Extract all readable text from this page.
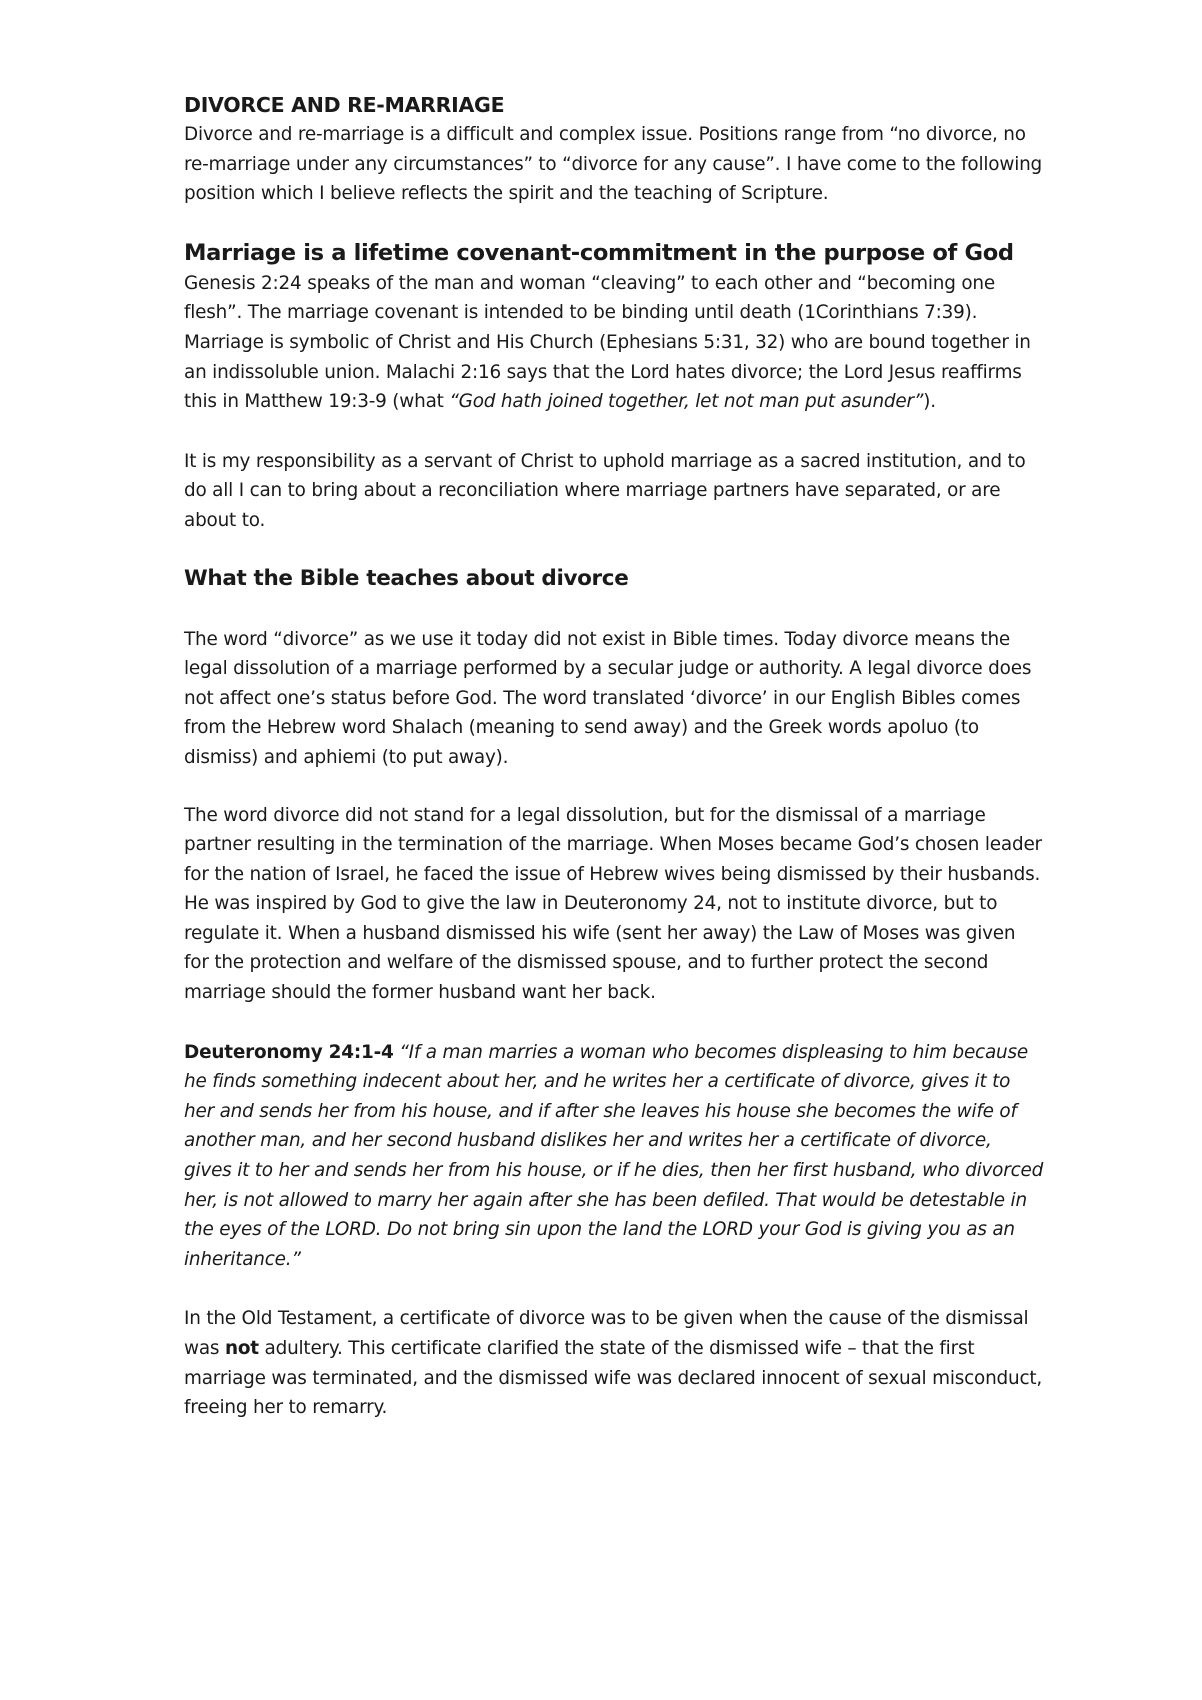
DIVORCE AND RE-MARRIAGE

Divorce and re-marriage is a difficult and complex issue. Positions range from “no divorce, no re-marriage under any circumstances” to “divorce for any cause”. I have come to the following position which I believe reflects the spirit and the teaching of Scripture.

Marriage is a lifetime covenant-commitment in the purpose of God

Genesis 2:24 speaks of the man and woman “cleaving” to each other and “becoming one flesh”. The marriage covenant is intended to be binding until death (1Corinthians 7:39). Marriage is symbolic of Christ and His Church (Ephesians 5:31, 32) who are bound together in an indissoluble union. Malachi 2:16 says that the Lord hates divorce; the Lord Jesus reaffirms this in Matthew 19:3-9 (what “God hath joined together, let not man put asunder”).

It is my responsibility as a servant of Christ to uphold marriage as a sacred institution, and to do all I can to bring about a reconciliation where marriage partners have separated, or are about to.

What the Bible teaches about divorce

The word “divorce” as we use it today did not exist in Bible times. Today divorce means the legal dissolution of a marriage performed by a secular judge or authority. A legal divorce does not affect one’s status before God. The word translated ‘divorce’ in our English Bibles comes from the Hebrew word Shalach (meaning to send away) and the Greek words apoluo (to dismiss) and aphiemi (to put away).

The word divorce did not stand for a legal dissolution, but for the dismissal of a marriage partner resulting in the termination of the marriage. When Moses became God’s chosen leader for the nation of Israel, he faced the issue of Hebrew wives being dismissed by their husbands. He was inspired by God to give the law in Deuteronomy 24, not to institute divorce, but to regulate it. When a husband dismissed his wife (sent her away) the Law of Moses was given for the protection and welfare of the dismissed spouse, and to further protect the second marriage should the former husband want her back.

Deuteronomy 24:1-4 “If a man marries a woman who becomes displeasing to him because he finds something indecent about her, and he writes her a certificate of divorce, gives it to her and sends her from his house, and if after she leaves his house she becomes the wife of another man, and her second husband dislikes her and writes her a certificate of divorce, gives it to her and sends her from his house, or if he dies, then her first husband, who divorced her, is not allowed to marry her again after she has been defiled. That would be detestable in the eyes of the LORD. Do not bring sin upon the land the LORD your God is giving you as an inheritance.”

In the Old Testament, a certificate of divorce was to be given when the cause of the dismissal was not adultery. This certificate clarified the state of the dismissed wife – that the first marriage was terminated, and the dismissed wife was declared innocent of sexual misconduct, freeing her to remarry.
